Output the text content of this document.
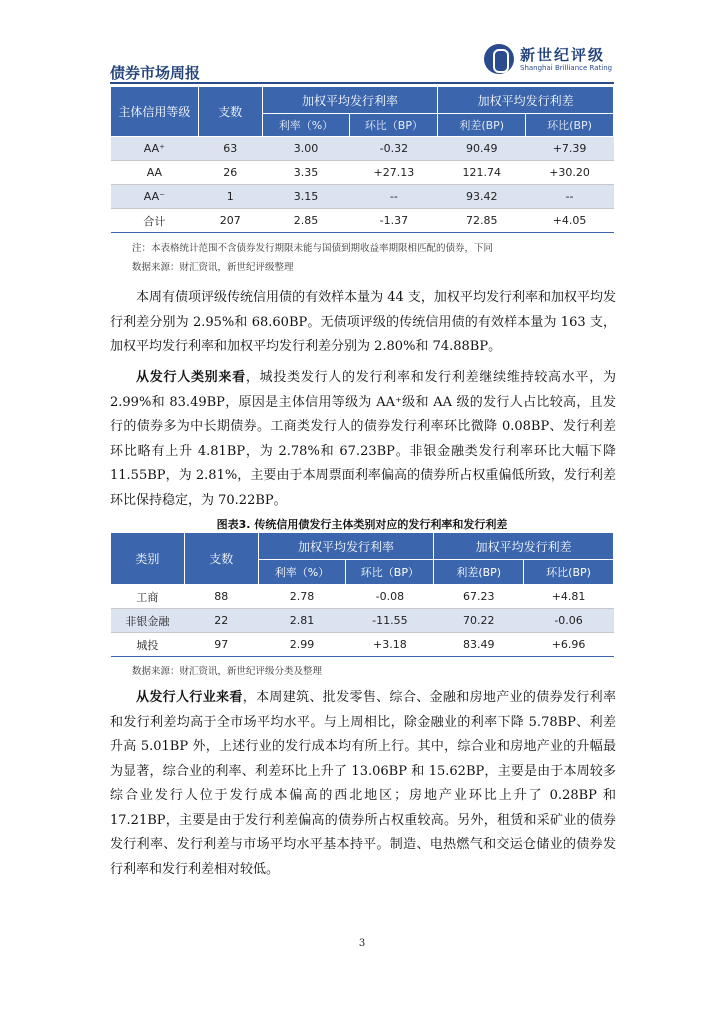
债券市场周报
新世纪评级
Shanghai Brilliance Rating
主体信用等级	支数	加权平均发行利率		加权平均发行利差	
		利率（%）	环比（BP）	利差(BP)	环比(BP)
AA⁺	63	3.00	-0.32	90.49	+7.39
AA	26	3.35	+27.13	121.74	+30.20
AA⁻	1	3.15	--	93.42	--
合计	207	2.85	-1.37	72.85	+4.05
注：本表格统计范围不含债券发行期限未能与国债到期收益率期限相匹配的债券，下同
数据来源：财汇资讯，新世纪评级整理
本周有债项评级传统信用债的有效样本量为 44 支，加权平均发行利率和加权平均发行利差分别为 2.95%和 68.60BP。无债项评级的传统信用债的有效样本量为 163 支，加权平均发行利率和加权平均发行利差分别为 2.80%和 74.88BP。
从发行人类别来看，城投类发行人的发行利率和发行利差继续维持较高水平，为 2.99%和 83.49BP，原因是主体信用等级为 AA⁺级和 AA 级的发行人占比较高，且发行的债券多为中长期债券。工商类发行人的债券发行利率环比微降 0.08BP、发行利差环比略有上升 4.81BP，为 2.78%和 67.23BP。非银金融类发行利率环比大幅下降 11.55BP，为 2.81%，主要由于本周票面利率偏高的债券所占权重偏低所致，发行利差环比保持稳定，为 70.22BP。
图表3. 传统信用债发行主体类别对应的发行利率和发行利差
类别	支数	加权平均发行利率		加权平均发行利差	
		利率（%）	环比（BP）	利差(BP)	环比(BP)
工商	88	2.78	-0.08	67.23	+4.81
非银金融	22	2.81	-11.55	70.22	-0.06
城投	97	2.99	+3.18	83.49	+6.96
数据来源：财汇资讯，新世纪评级分类及整理
从发行人行业来看，本周建筑、批发零售、综合、金融和房地产业的债券发行利率和发行利差均高于全市场平均水平。与上周相比，除金融业的利率下降 5.78BP、利差升高 5.01BP 外，上述行业的发行成本均有所上行。其中，综合业和房地产业的升幅最为显著，综合业的利率、利差环比上升了 13.06BP 和 15.62BP，主要是由于本周较多综合业发行人位于发行成本偏高的西北地区；房地产业环比上升了 0.28BP 和 17.21BP，主要是由于发行利差偏高的债券所占权重较高。另外，租赁和采矿业的债券发行利率、发行利差与市场平均水平基本持平。制造、电热燃气和交运仓储业的债券发行利率和发行利差相对较低。
3
